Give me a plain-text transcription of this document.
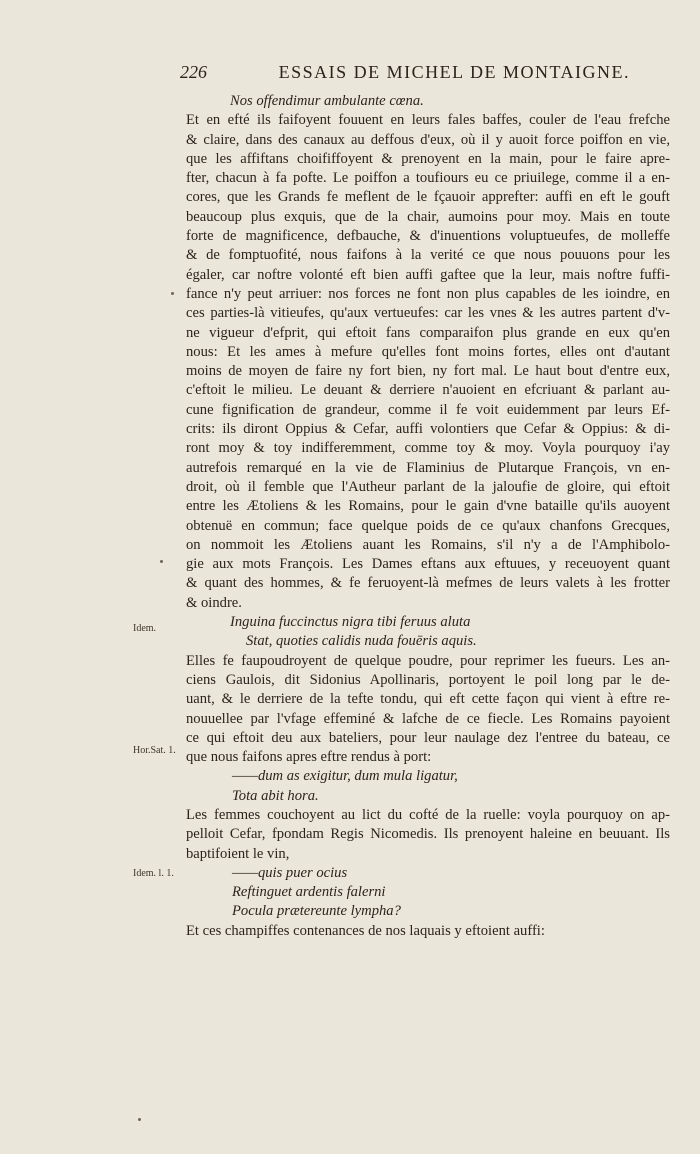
226	ESSAIS DE MICHEL DE MONTAIGNE.
Nos offendimur ambulante cœna.
Et en efté ils faifoyent fouuent en leurs fales baffes, couler de l'eau frefche
& claire, dans des canaux au deffous d'eux, où il y auoit force poiffon en vie,
que les affiftans choififfoyent & prenoyent en la main, pour le faire apre-
fter, chacun à fa pofte. Le poiffon a toufiours eu ce priuilege, comme il a en-
cores, que les Grands fe meflent de le fçauoir apprefter: auffi en eft le gouft
beaucoup plus exquis, que de la chair, aumoins pour moy. Mais en toute
forte de magnificence, defbauche, & d'inuentions voluptueufes, de molleffe
& de fomptuofité, nous faifons à la verité ce que nous pouuons pour les
égaler, car noftre volonté eft bien auffi gaftee que la leur, mais noftre fuffi-
fance n'y peut arriuer: nos forces ne font non plus capables de les ioindre, en
ces parties-là vitieufes, qu'aux vertueufes: car les vnes & les autres partent d'v-
ne vigueur d'efprit, qui eftoit fans comparaifon plus grande en eux qu'en
nous: Et les ames à mefure qu'elles font moins fortes, elles ont d'autant
moins de moyen de faire ny fort bien, ny fort mal. Le haut bout d'entre eux,
c'eftoit le milieu. Le deuant & derriere n'auoient en efcriuant & parlant au-
cune fignification de grandeur, comme il fe voit euidemment par leurs Ef-
crits: ils diront Oppius & Cefar, auffi volontiers que Cefar & Oppius: & di-
ront moy & toy indifferemment, comme toy & moy. Voyla pourquoy i'ay
autrefois remarqué en la vie de Flaminius de Plutarque François, vn en-
droit, où il femble que l'Autheur parlant de la jaloufie de gloire, qui eftoit
entre les Ætoliens & les Romains, pour le gain d'vne bataille qu'ils auoyent
obtenuë en commun; face quelque poids de ce qu'aux chanfons Grecques,
on nommoit les Ætoliens auant les Romains, s'il n'y a de l'Amphibolo-
gie aux mots François. Les Dames eftans aux eftuues, y receuoyent quant
& quant des hommes, & fe feruoyent-là mefmes de leurs valets à les frotter
& oindre.
Inguina fuccinctus nigra tibi feruus aluta
Stat, quoties calidis nuda fouēris aquis.
Elles fe faupoudroyent de quelque poudre, pour reprimer les fueurs. Les an-
ciens Gaulois, dit Sidonius Apollinaris, portoyent le poil long par le de-
uant, & le derriere de la tefte tondu, qui eft cette façon qui vient à eftre re-
nouuellee par l'vfage effeminé & lafche de ce fiecle. Les Romains payoient
ce qui eftoit deu aux bateliers, pour leur naulage dez l'entree du bateau, ce
que nous faifons apres eftre rendus à port:
——dum as exigitur, dum mula ligatur,
Tota abit hora.
Les femmes couchoyent au lict du cofté de la ruelle: voyla pourquoy on ap-
pelloit Cefar, fpondam Regis Nicomedis. Ils prenoyent haleine en beuuant. Ils
baptifoient le vin,
——quis puer ocius
Reftinguet ardentis falerni
Pocula prætereunte lympha?
Et ces champiffes contenances de nos laquais y eftoient auffi:
Idem.
Hor.Sat. 1.
Idem. l. 1.
